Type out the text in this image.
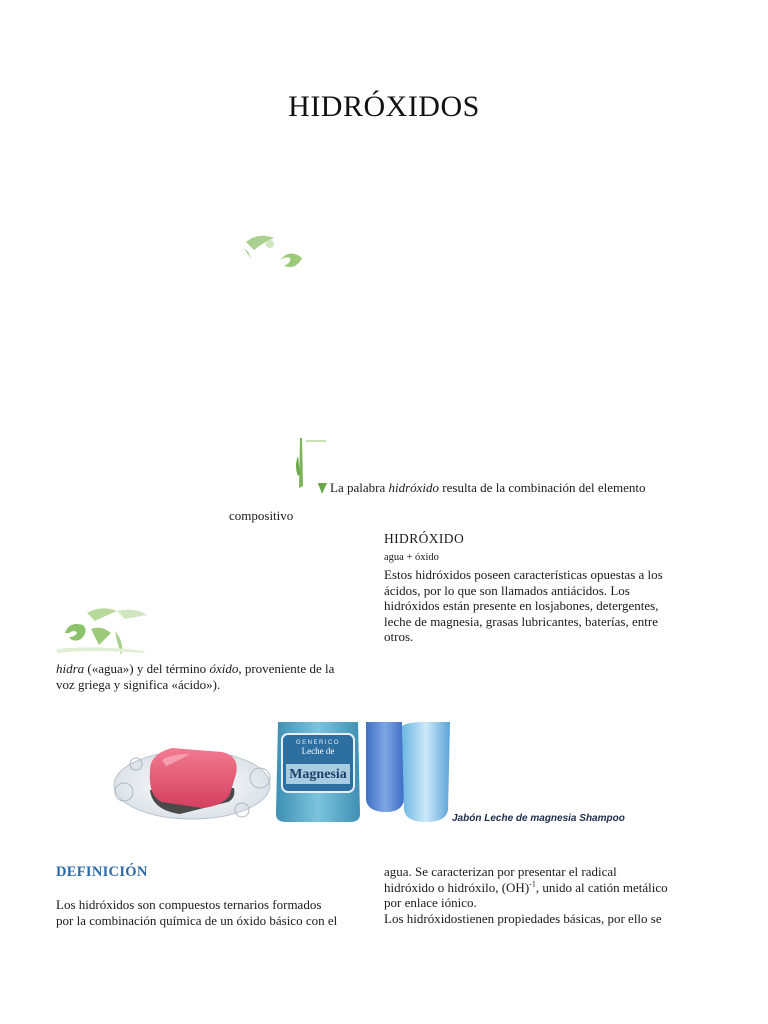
HIDRÓXIDOS
La palabra hidróxido resulta de la combinación del elemento
compositivo
HIDRÓXIDO
agua + óxido
Estos hidróxidos poseen características opuestas a los
ácidos, por lo que son llamados antiácidos. Los
hidróxidos están presente en losjabones, detergentes,
leche de magnesia, grasas lubricantes, baterías, entre
otros.
hidra («agua») y del término óxido, proveniente de la
voz griega y significa «ácido»).
GENERICO
Leche de
Magnesia
Jabón Leche de magnesia Shampoo
DEFINICIÓN
Los hidróxidos son compuestos ternarios formados
por la combinación química de un óxido básico con el
agua. Se caracterizan por presentar el radical
hidróxido o hidróxilo, (OH)$^{-1}$, unido al catión metálico
por enlace iónico.
Los hidróxidostienen propiedades básicas, por ello se
